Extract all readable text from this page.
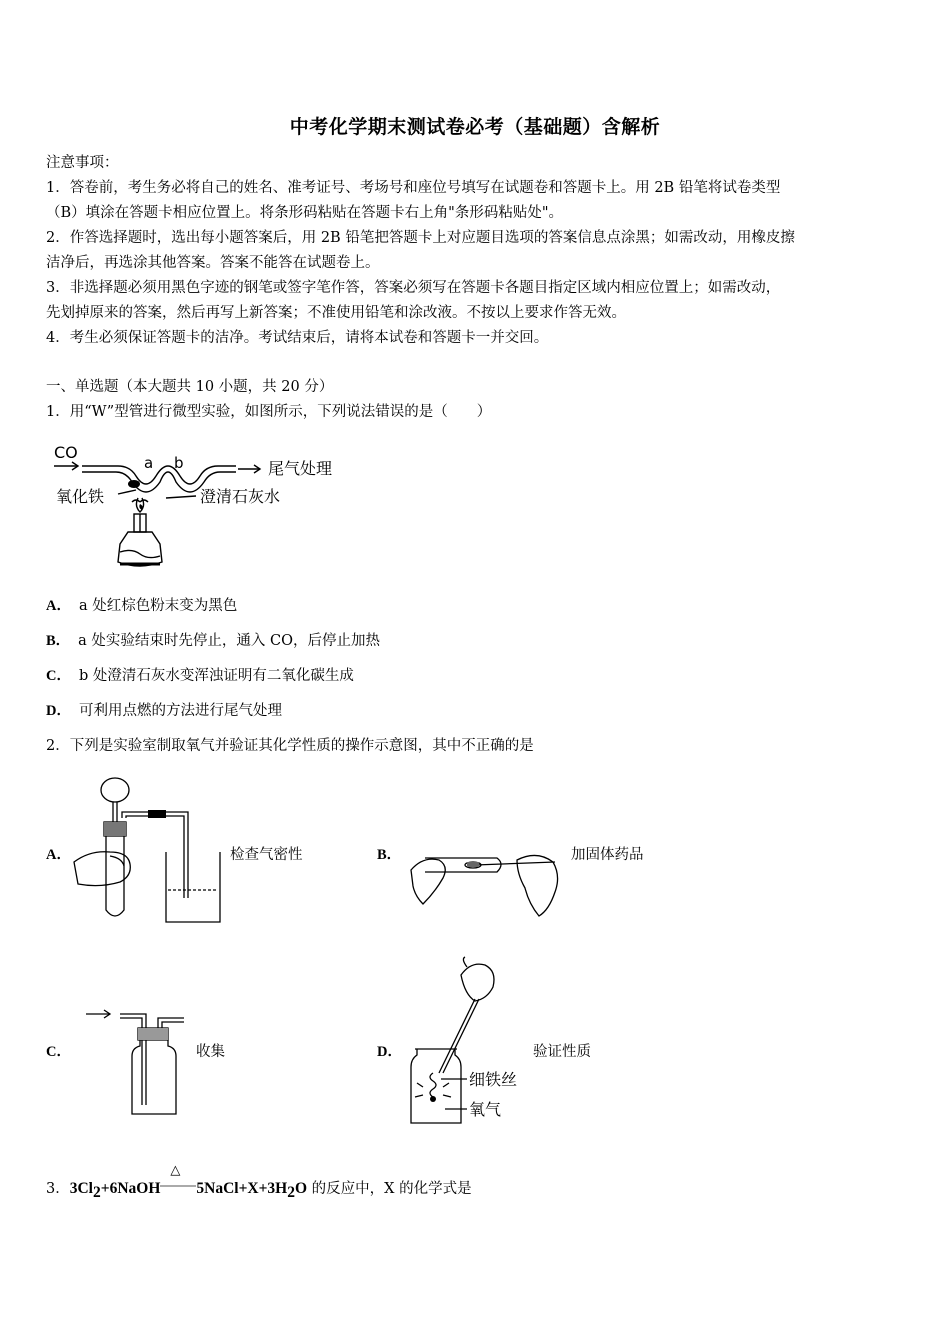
中考化学期末测试卷必考（基础题）含解析
注意事项：
1．答卷前，考生务必将自己的姓名、准考证号、考场号和座位号填写在试题卷和答题卡上。用 2B 铅笔将试卷类型
（B）填涂在答题卡相应位置上。将条形码粘贴在答题卡右上角"条形码粘贴处"。
2．作答选择题时，选出每小题答案后，用 2B 铅笔把答题卡上对应题目选项的答案信息点涂黑；如需改动，用橡皮擦
洁净后，再选涂其他答案。答案不能答在试题卷上。
3．非选择题必须用黑色字迹的钢笔或签字笔作答，答案必须写在答题卡各题目指定区域内相应位置上；如需改动，
先划掉原来的答案，然后再写上新答案；不准使用铅笔和涂改液。不按以上要求作答无效。
4．考生必须保证答题卡的洁净。考试结束后，请将本试卷和答题卡一并交回。
一、单选题（本大题共 10 小题，共 20 分）
1．用“W”型管进行微型实验，如图所示，下列说法错误的是（　　）
CO
a b	尾气处理
氧化铁	澄清石灰水
A． a 处红棕色粉末变为黑色
B． a 处实验结束时先停止，通入 CO，后停止加热
C． b 处澄清石灰水变浑浊证明有二氧化碳生成
D． 可利用点燃的方法进行尾气处理
2．下列是实验室制取氧气并验证其化学性质的操作示意图，其中不正确的是
A．	检查气密性	B．	加固体药品
C．	收集	D．
细铁丝
氧气
验证性质
3．$3Cl_2+6NaOH$
△
$5NaCl+X+3H_2O$ 的反应中，X 的化学式是
